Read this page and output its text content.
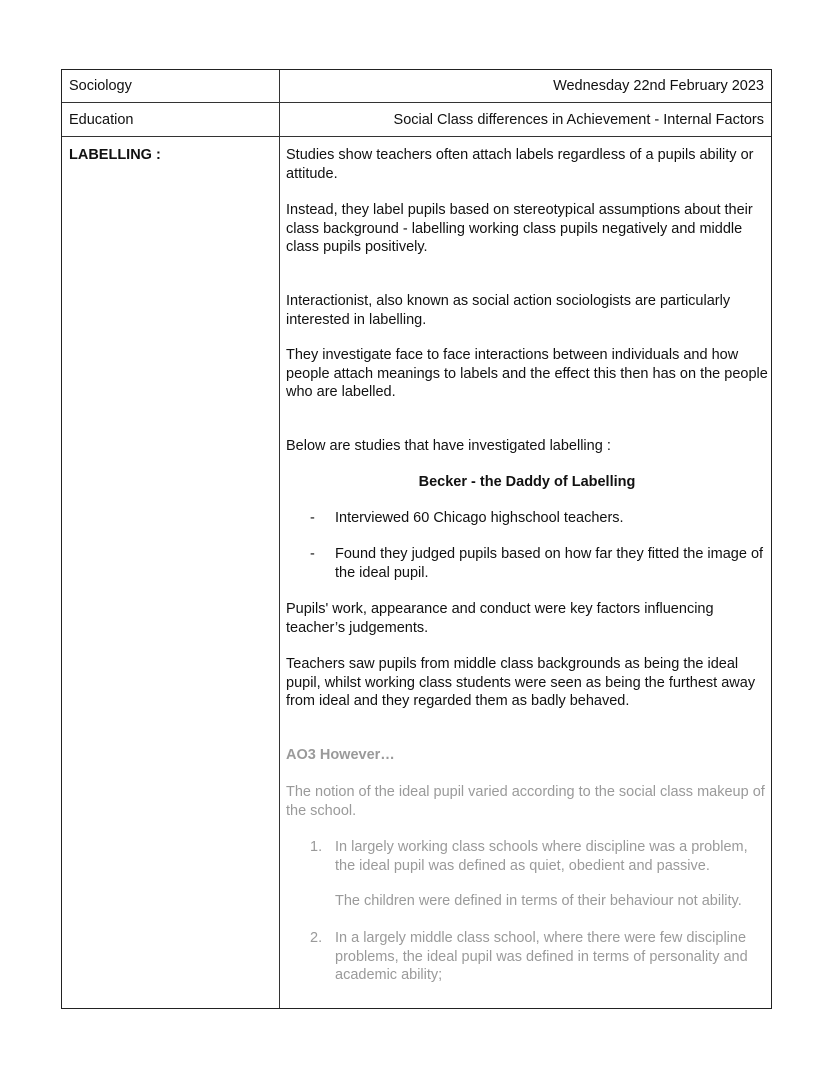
Sociology	Wednesday 22nd February 2023
Education	Social Class differences in Achievement - Internal Factors
LABELLING :	Studies show teachers often attach labels regardless of a pupils ability or attitude.

Instead, they label pupils based on stereotypical assumptions about their class background - labelling working class pupils negatively and middle class pupils positively.

Interactionist, also known as social action sociologists are particularly interested in labelling.

They investigate face to face interactions between individuals and how people attach meanings to labels and the effect this then has on the people who are labelled.

Below are studies that have investigated labelling :

Becker - the Daddy of Labelling

- Interviewed 60 Chicago highschool teachers.
- Found they judged pupils based on how far they fitted the image of the ideal pupil.

Pupils' work, appearance and conduct were key factors influencing teacher’s judgements.

Teachers saw pupils from middle class backgrounds as being the ideal pupil, whilst working class students were seen as being the furthest away from ideal and they regarded them as badly behaved.

AO3 However…

The notion of the ideal pupil varied according to the social class makeup of the school.

1. In largely working class schools where discipline was a problem, the ideal pupil was defined as quiet, obedient and passive.

The children were defined in terms of their behaviour not ability.

2. In a largely middle class school, where there were few discipline problems, the ideal pupil was defined in terms of personality and academic ability;
